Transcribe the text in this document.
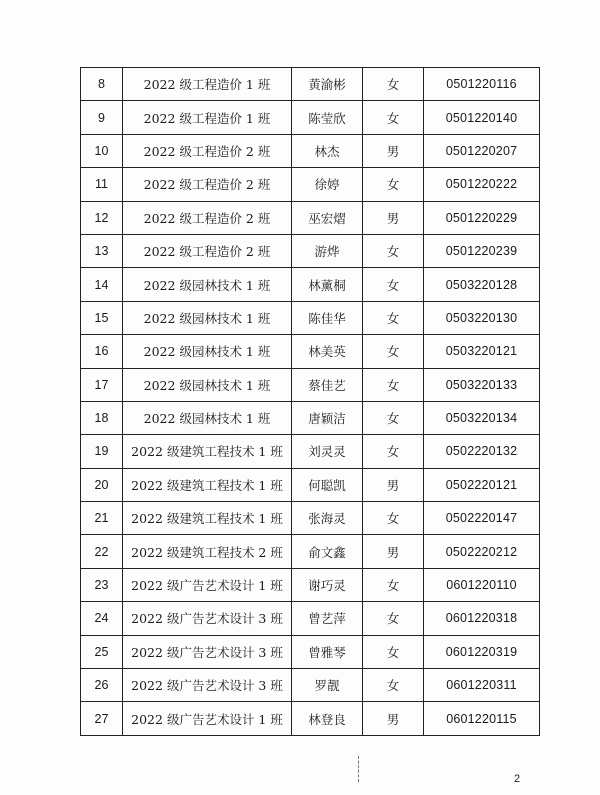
8	2022 级工程造价 1 班	黄渝彬	女	0501220116
9	2022 级工程造价 1 班	陈莹欣	女	0501220140
10	2022 级工程造价 2 班	林杰	男	0501220207
11	2022 级工程造价 2 班	徐婷	女	0501220222
12	2022 级工程造价 2 班	巫宏熠	男	0501220229
13	2022 级工程造价 2 班	游烨	女	0501220239
14	2022 级园林技术 1 班	林薰桐	女	0503220128
15	2022 级园林技术 1 班	陈佳华	女	0503220130
16	2022 级园林技术 1 班	林美英	女	0503220121
17	2022 级园林技术 1 班	蔡佳艺	女	0503220133
18	2022 级园林技术 1 班	唐颖洁	女	0503220134
19	2022 级建筑工程技术 1 班	刘灵灵	女	0502220132
20	2022 级建筑工程技术 1 班	何聪凯	男	0502220121
21	2022 级建筑工程技术 1 班	张海灵	女	0502220147
22	2022 级建筑工程技术 2 班	俞文鑫	男	0502220212
23	2022 级广告艺术设计 1 班	谢巧灵	女	0601220110
24	2022 级广告艺术设计 3 班	曾艺萍	女	0601220318
25	2022 级广告艺术设计 3 班	曾雅琴	女	0601220319
26	2022 级广告艺术设计 3 班	罗靓	女	0601220311
27	2022 级广告艺术设计 1 班	林登良	男	0601220115
2
